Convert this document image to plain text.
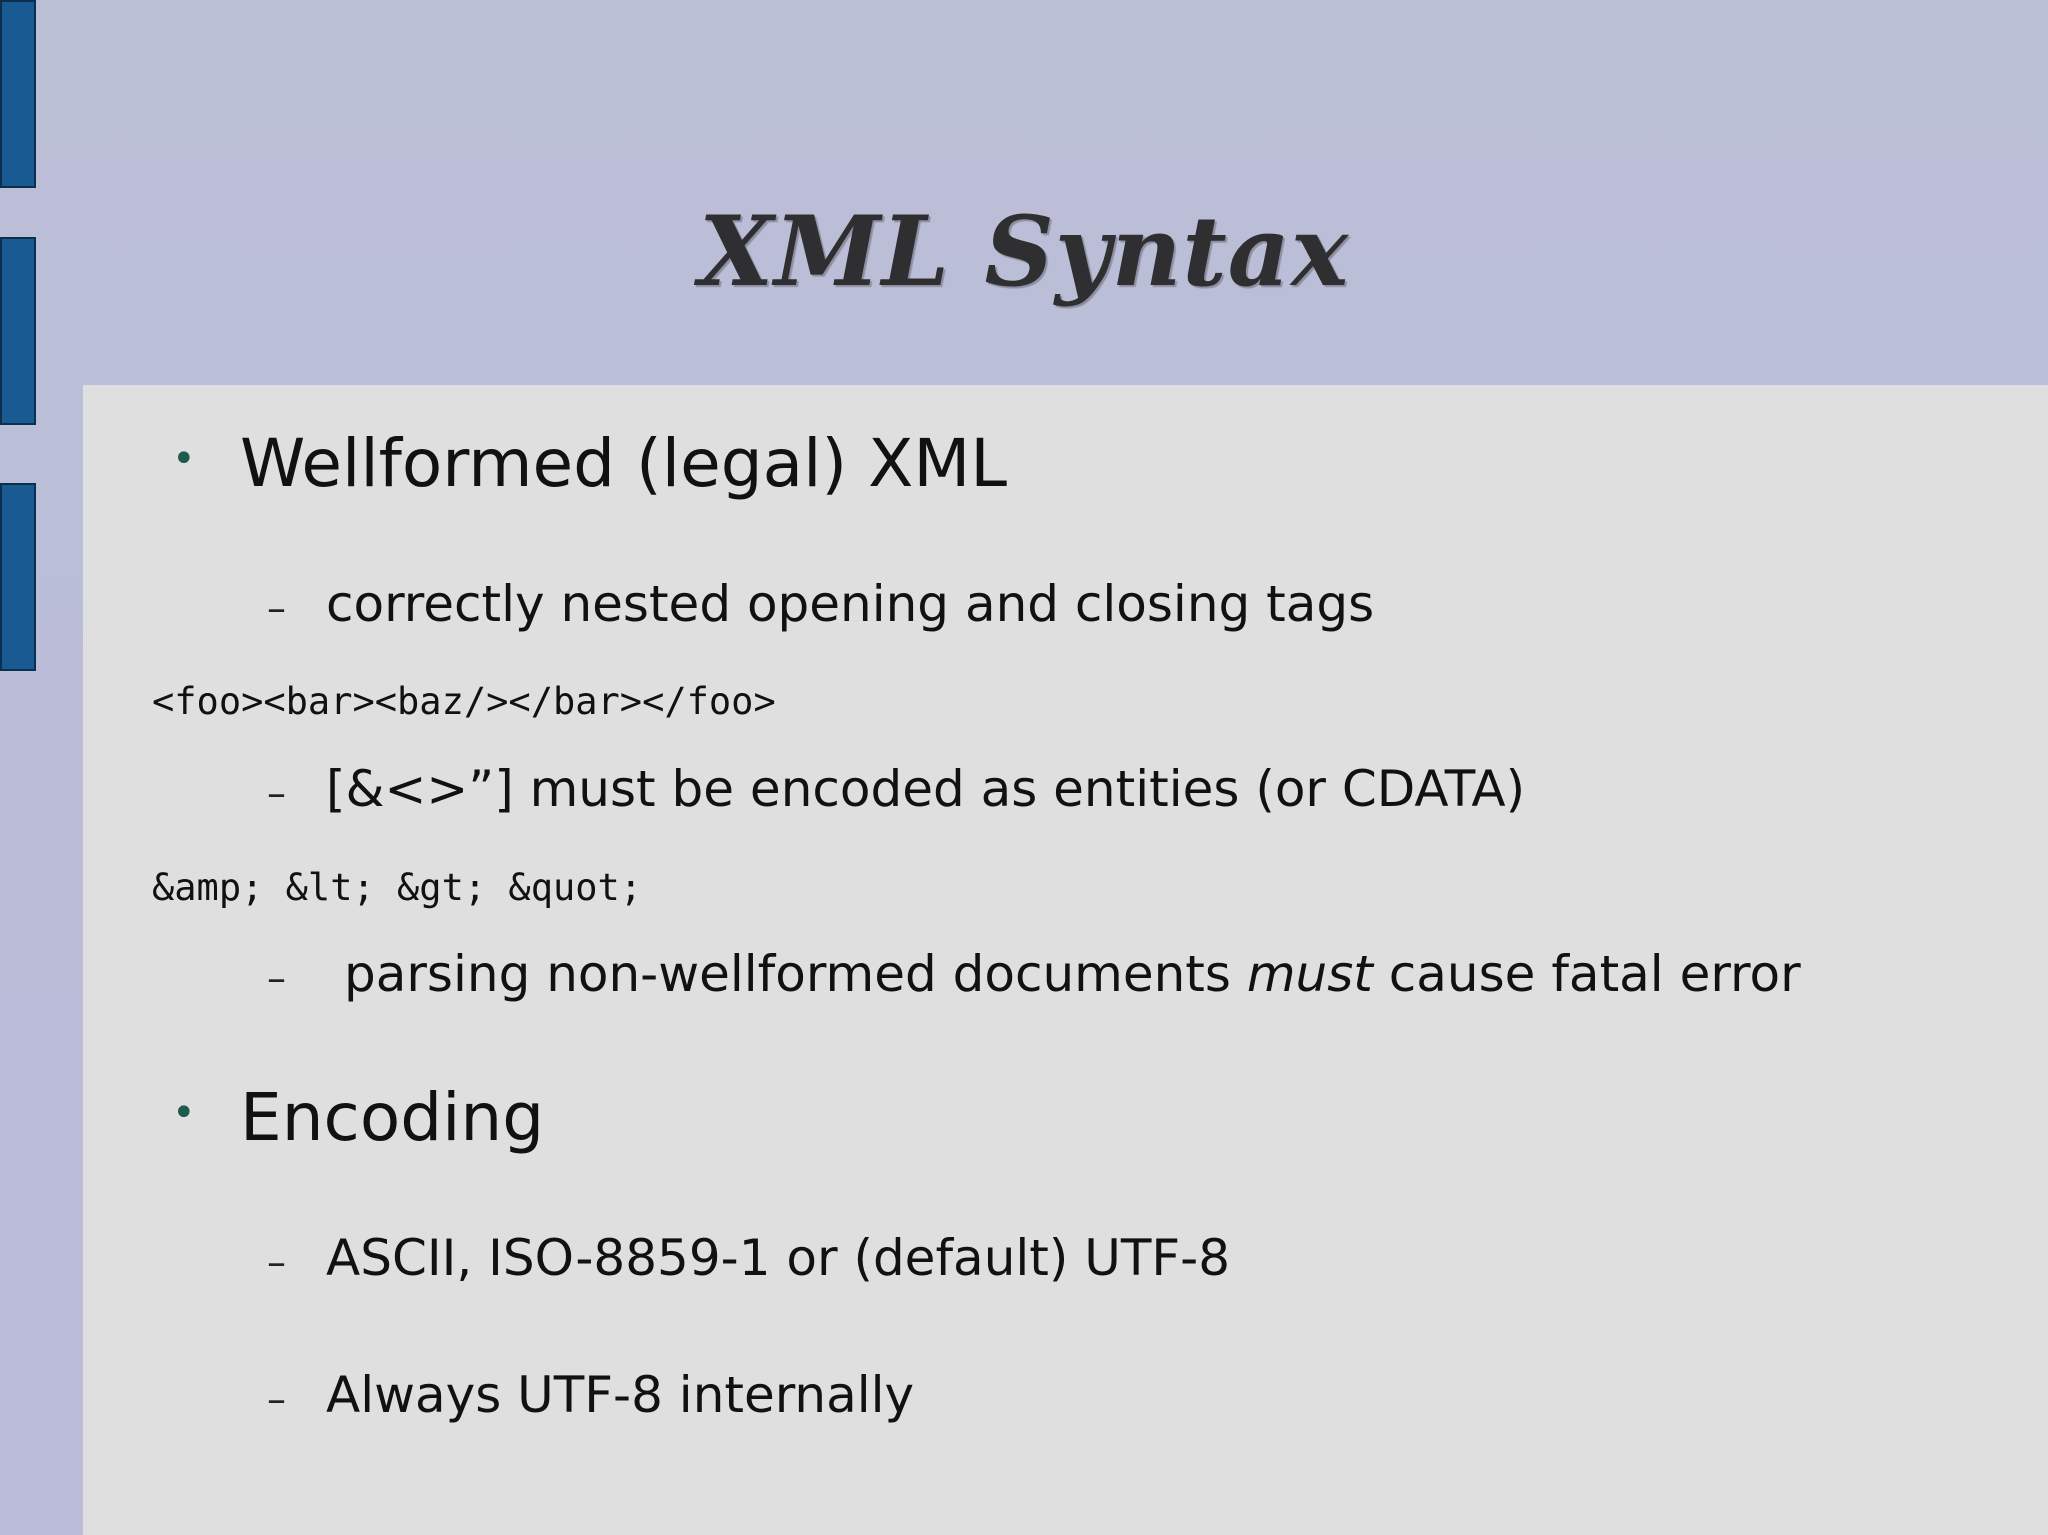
XML Syntax
• Wellformed (legal) XML
– correctly nested opening and closing tags
<foo><bar><baz/></bar></foo>
– [&<>”] must be encoded as entities (or CDATA)
&amp; &lt; &gt; &quot;
– parsing non-wellformed documents must cause fatal error
• Encoding
– ASCII, ISO-8859-1 or (default) UTF-8
– Always UTF-8 internally
